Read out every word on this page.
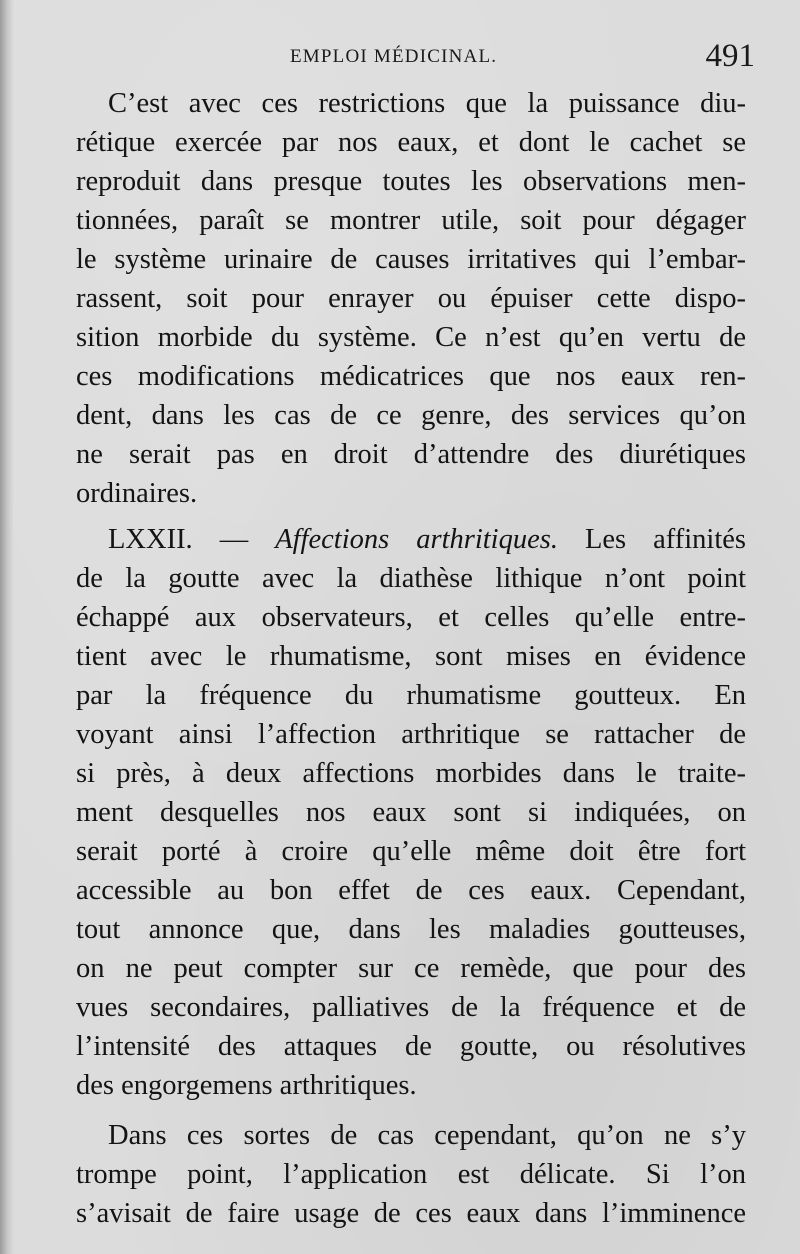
EMPLOI MÉDICINAL.	491

C’est avec ces restrictions que la puissance diu-
rétique exercée par nos eaux, et dont le cachet se
reproduit dans presque toutes les observations men-
tionnées, paraît se montrer utile, soit pour dégager
le système urinaire de causes irritatives qui l’embar-
rassent, soit pour enrayer ou épuiser cette dispo-
sition morbide du système. Ce n’est qu’en vertu de
ces modifications médicatrices que nos eaux ren-
dent, dans les cas de ce genre, des services qu’on
ne serait pas en droit d’attendre des diurétiques
ordinaires.

LXXII. — Affections arthritiques. Les affinités
de la goutte avec la diathèse lithique n’ont point
échappé aux observateurs, et celles qu’elle entre-
tient avec le rhumatisme, sont mises en évidence
par la fréquence du rhumatisme goutteux. En
voyant ainsi l’affection arthritique se rattacher de
si près, à deux affections morbides dans le traite-
ment desquelles nos eaux sont si indiquées, on
serait porté à croire qu’elle même doit être fort
accessible au bon effet de ces eaux. Cependant,
tout annonce que, dans les maladies goutteuses,
on ne peut compter sur ce remède, que pour des
vues secondaires, palliatives de la fréquence et de
l’intensité des attaques de goutte, ou résolutives
des engorgemens arthritiques.

Dans ces sortes de cas cependant, qu’on ne s’y
trompe point, l’application est délicate. Si l’on
s’avisait de faire usage de ces eaux dans l’imminence
